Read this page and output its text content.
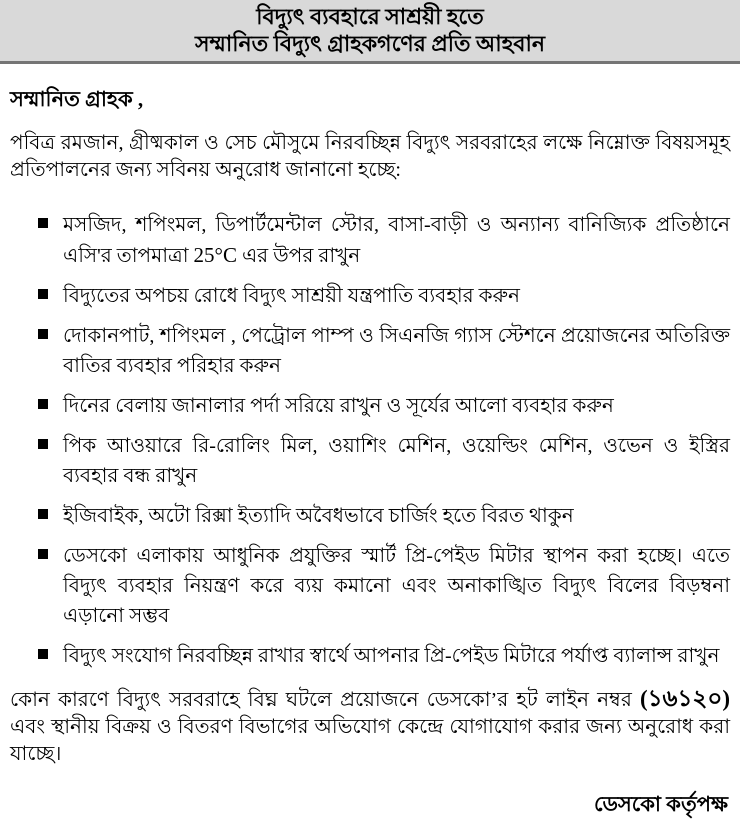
বিদ্যুৎ ব্যবহারে সাশ্রয়ী হতে
সম্মানিত বিদ্যুৎ গ্রাহকগণের প্রতি আহবান
সম্মানিত গ্রাহক ,
পবিত্র রমজান, গ্রীষ্মকাল ও সেচ মৌসুমে নিরবচ্ছিন্ন বিদ্যুৎ সরবরাহের লক্ষে নিম্নোক্ত বিষয়সমূহ প্রতিপালনের জন্য সবিনয় অনুরোধ জানানো হচ্ছে:
মসজিদ, শপিংমল, ডিপার্টমেন্টাল স্টোর, বাসা-বাড়ী ও অন্যান্য বানিজ্যিক প্রতিষ্ঠানে এসি'র তাপমাত্রা 25°C এর উপর রাখুন
বিদ্যুতের অপচয় রোধে বিদ্যুৎ সাশ্রয়ী যন্ত্রপাতি ব্যবহার করুন
দোকানপাট, শপিংমল , পেট্রোল পাম্প ও সিএনজি গ্যাস স্টেশনে প্রয়োজনের অতিরিক্ত বাতির ব্যবহার পরিহার করুন
দিনের বেলায় জানালার পর্দা সরিয়ে রাখুন ও সূর্যের আলো ব্যবহার করুন
পিক আওয়ারে রি-রোলিং মিল, ওয়াশিং মেশিন, ওয়েল্ডিং মেশিন, ওভেন ও ইস্ত্রির ব্যবহার বন্ধ রাখুন
ইজিবাইক, অটো রিক্সা ইত্যাদি অবৈধভাবে চার্জিং হতে বিরত থাকুন
ডেসকো এলাকায় আধুনিক প্রযুক্তির স্মার্ট প্রি-পেইড মিটার স্থাপন করা হচ্ছে। এতে বিদ্যুৎ ব্যবহার নিয়ন্ত্রণ করে ব্যয় কমানো এবং অনাকাঙ্খিত বিদ্যুৎ বিলের বিড়ম্বনা এড়ানো সম্ভব
বিদ্যুৎ সংযোগ নিরবচ্ছিন্ন রাখার স্বার্থে আপনার প্রি-পেইড মিটারে পর্যাপ্ত ব্যালান্স রাখুন
কোন কারণে বিদ্যুৎ সরবরাহে বিঘ্ন ঘটলে প্রয়োজনে ডেসকো’র হট লাইন নম্বর (১৬১২০) এবং স্থানীয় বিক্রয় ও বিতরণ বিভাগের অভিযোগ কেন্দ্রে যোগাযোগ করার জন্য অনুরোধ করা যাচ্ছে।
ডেসকো কর্তৃপক্ষ
